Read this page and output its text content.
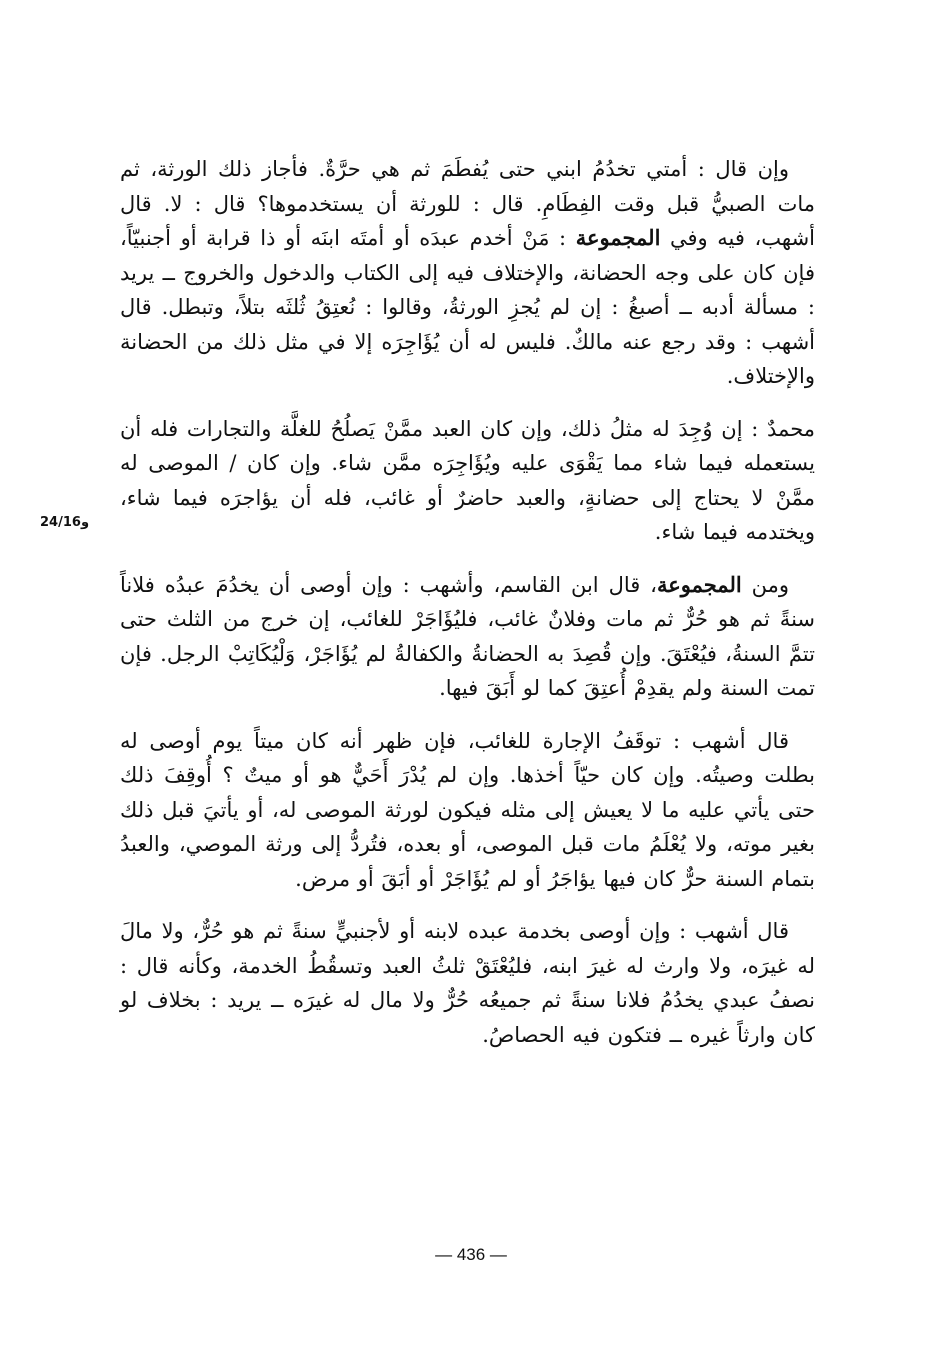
وإن قال : أمتي تخدُمُ ابني حتى يُفطَمَ ثم هي حرَّةٌ. فأجاز ذلك الورثة، ثم مات الصبيُّ قبل وقت الفِطَامِ. قال : للورثة أن يستخدموها؟ قال : لا. قال أشهب، فيه وفي المجموعة : مَنْ أخدم عبدَه أو أمتَه ابنَه أو ذا قرابة أو أجنبيّاً، فإن كان على وجه الحضانة، والإختلاف فيه إلى الكتاب والدخول والخروج ــ يريد : مسألة أدبه ــ أصبغُ : إن لم يُجزِ الورثةُ، وقالوا : نُعتِقُ ثُلثَه بتلاً، وتبطل. قال أشهب : وقد رجع عنه مالكٌ. فليس له أن يُؤَاجِرَه إلا في مثل ذلك من الحضانة والإختلاف.

محمدٌ : إن وُجِدَ له مثلُ ذلك، وإن كان العبد ممَّنْ يَصلُحُ للغلَّة والتجارات فله أن يستعمله فيما شاء مما يَقْوَى عليه ويُؤَاجِرَه ممَّن شاء. وإن كان / الموصى له ممَّنْ لا يحتاج إلى حضانةٍ، والعبد حاضرٌ أو غائب، فله أن يؤاجرَه فيما شاء، ويختدمه فيما شاء.

ومن المجموعة، قال ابن القاسم، وأشهب : وإن أوصى أن يخدُمَ عبدُه فلاناً سنةً ثم هو حُرٌّ ثم مات وفلانٌ غائب، فليُؤَاجَرْ للغائب، إن خرج من الثلث حتى تتمَّ السنةُ، فيُعْتَقَ. وإن قُصِدَ به الحضانةُ والكفالةُ لم يُؤَاجَرْ، وَلْيُكَاتِبْ الرجل. فإن تمت السنة ولم يقدِمْ أُعتِقَ كما لو أَبَقَ فيها.

قال أشهب : توقَفُ الإجارة للغائب، فإن ظهر أنه كان ميتاً يوم أوصى له بطلت وصيتُه. وإن كان حيّاً أخذها. وإن لم يُدْرَ أَحَيٌّ هو أو ميتٌ ؟ أُوقِفَ ذلك حتى يأتي عليه ما لا يعيش إلى مثله فيكون لورثة الموصى له، أو يأتيَ قبل ذلك بغير موته، ولا يُعْلَمُ مات قبل الموصى، أو بعده، فتُردُّ إلى ورثة الموصي، والعبدُ بتمام السنة حرٌّ كان فيها يؤاجَرُ أو لم يُؤَاجَرْ أو أبَقَ أو مرض.

قال أشهب : وإن أوصى بخدمة عبده لابنه أو لأجنبيٍّ سنةً ثم هو حُرٌّ، ولا مالَ له غيرَه، ولا وارث له غيرَ ابنه، فليُعْتَقْ ثلثُ العبد وتسقُطُ الخدمة، وكأنه قال : نصفُ عبدي يخدُمُ فلانا سنةً ثم جميعُه حُرٌّ ولا مال له غيرَه ــ يريد : بخلاف لو كان وارثاً غيره ــ فتكون فيه الحصاصُ.

و24/16
— 436 —
